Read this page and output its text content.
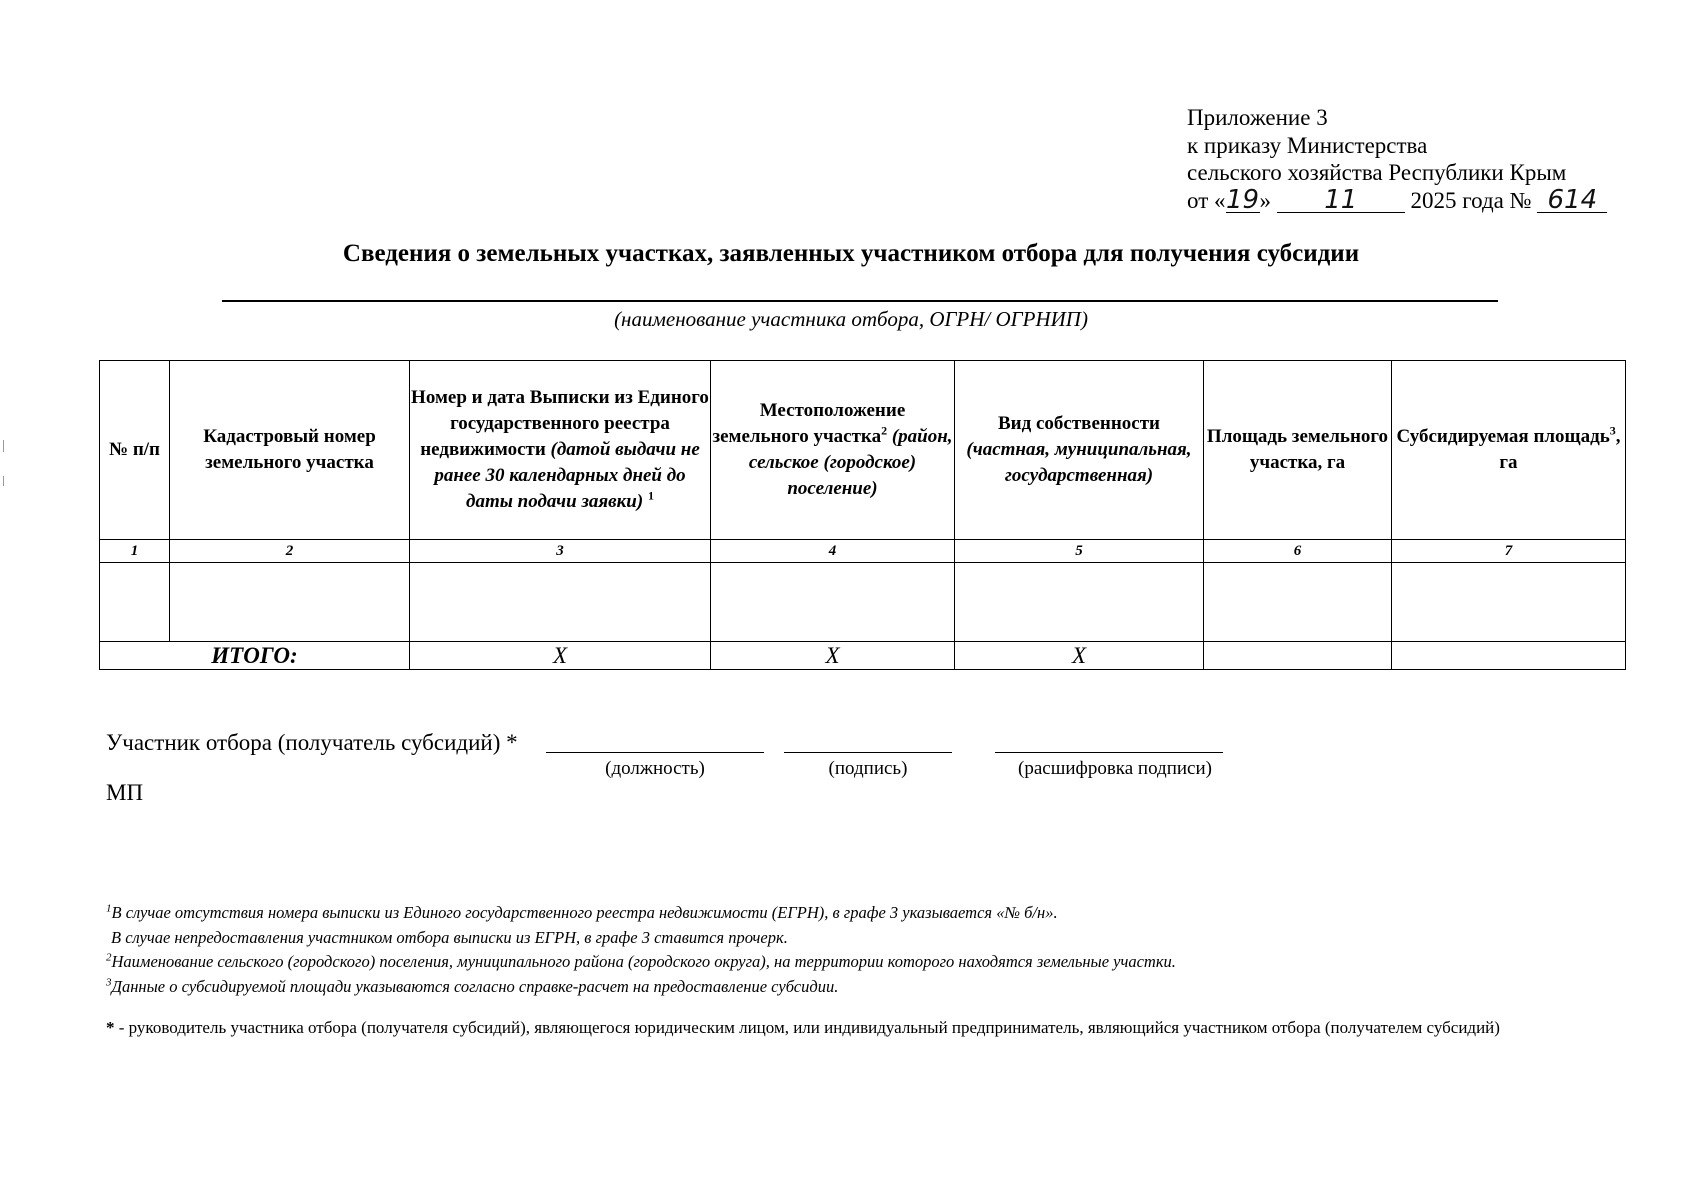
Приложение 3
к приказу Министерства
сельского хозяйства Республики Крым
от «19» 11 2025 года № 614
Сведения о земельных участках, заявленных участником отбора для получения субсидии
(наименование участника отбора, ОГРН/ ОГРНИП)
№ п/п	Кадастровый номер земельного участка	Номер и дата Выписки из Единого государственного реестра недвижимости (датой выдачи не ранее 30 календарных дней до даты подачи заявки) $^1$	Местоположение земельного участка$^2$ (район, сельское (городское) поселение)	Вид собственности (частная, муниципальная, государственная)	Площадь земельного участка, га	Субсидируемая площадь$^3$, га
1	2	3	4	5	6	7

ИТОГО:		X	X	X		
Участник отбора (получатель субсидий) *
(должность)	(подпись)	(расшифровка подписи)
МП
$^1$В случае отсутствия номера выписки из Единого государственного реестра недвижимости (ЕГРН), в графе 3 указывается «№ б/н».
В случае непредоставления участником отбора выписки из ЕГРН, в графе 3 ставится прочерк.
$^2$Наименование сельского (городского) поселения, муниципального района (городского округа), на территории которого находятся земельные участки.
$^3$Данные о субсидируемой площади указываются согласно справке-расчет на предоставление субсидии.
* - руководитель участника отбора (получателя субсидий), являющегося юридическим лицом, или индивидуальный предприниматель, являющийся участником отбора (получателем субсидий)
